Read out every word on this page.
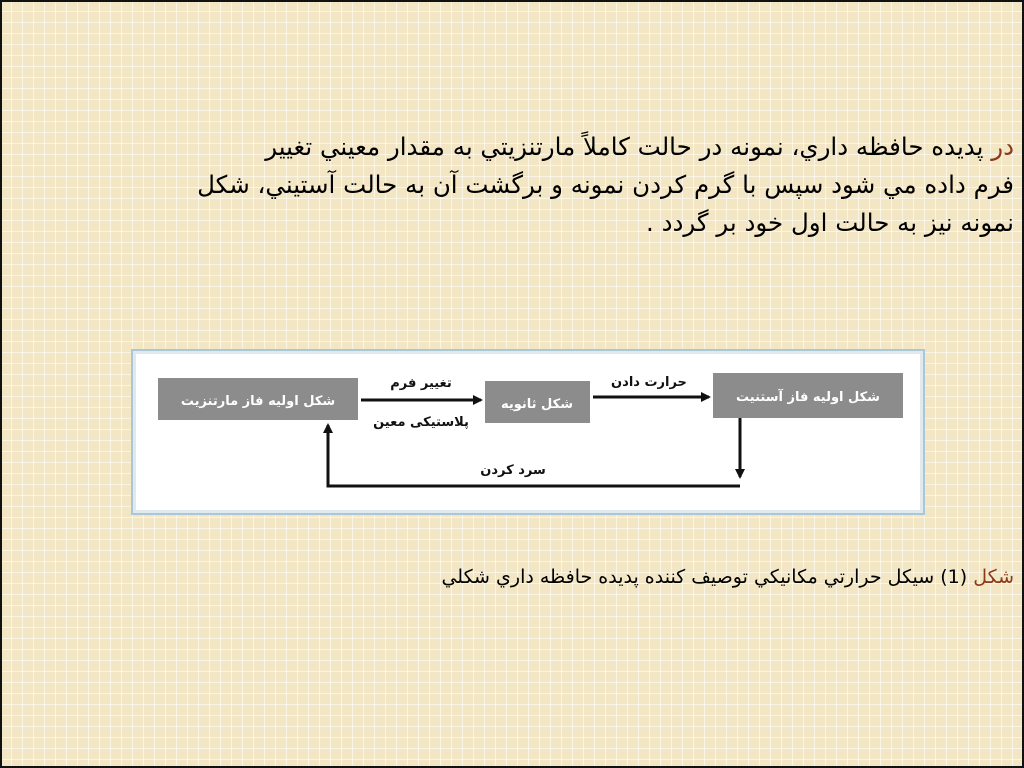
در پديده حافظه داري، نمونه در حالت كاملاً مارتنزيتي به مقدار معيني تغيير
فرم داده مي شود سپس با گرم كردن نمونه و برگشت آن به حالت آستيني، شكل
نمونه نيز به حالت اول خود بر گردد .
شکل اولیه فاز مارتنزیت	شکل ثانویه	شکل اولیه فاز آستنیت
تغییر فرم
پلاستیکی معین
حرارت دادن
سرد کردن
شكل (1) سيكل حرارتي مكانيكي توصيف كننده پديده حافظه داري شكلي
